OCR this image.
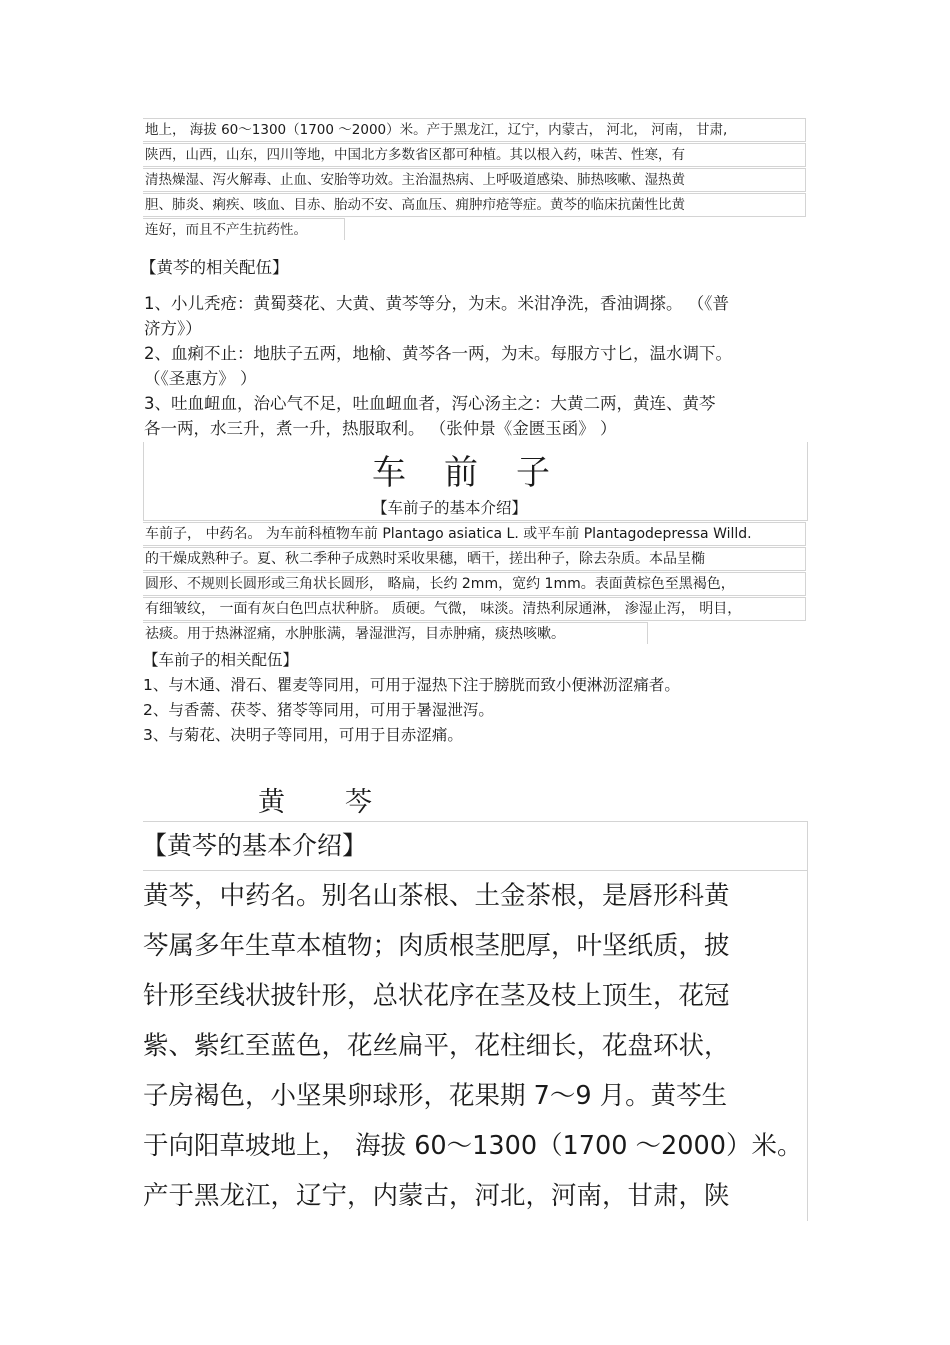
地上， 海拔 60～1300（1700 ～2000）米。产于黑龙江，辽宁，内蒙古， 河北， 河南， 甘肃,
陕西，山西，山东，四川等地，中国北方多数省区都可种植。其以根入药，味苦、性寒，有
清热燥湿、泻火解毒、止血、安胎等功效。主治温热病、上呼吸道感染、肺热咳嗽、湿热黄
胆、肺炎、痢疾、咳血、目赤、胎动不安、高血压、痈肿疖疮等症。黄芩的临床抗菌性比黄
连好，而且不产生抗药性。
【黄芩的相关配伍】
1、小儿秃疮：黄蜀葵花、大黄、黄芩等分，为末。米泔净洗，香油调搽。 （《普
济方》）
2、血痢不止：地肤子五两，地榆、黄芩各一两，为末。每服方寸匕，温水调下。
（《圣惠方》 ）
3、吐血衄血，治心气不足，吐血衄血者，泻心汤主之：大黄二两，黄连、黄芩
各一两，水三升，煮一升，热服取利。 （张仲景《金匮玉函》 ）
车前子
【车前子的基本介绍】
车前子， 中药名。 为车前科植物车前 Plantago asiatica L. 或平车前 Plantagodepressa Willd.
的干燥成熟种子。夏、秋二季种子成熟时采收果穗，晒干，搓出种子，除去杂质。本品呈椭
圆形、不规则长圆形或三角状长圆形， 略扁，长约 2mm，宽约 1mm。表面黄棕色至黑褐色，
有细皱纹， 一面有灰白色凹点状种脐。 质硬。气微， 味淡。清热利尿通淋， 渗湿止泻， 明目，
祛痰。用于热淋涩痛，水肿胀满，暑湿泄泻，目赤肿痛，痰热咳嗽。
【车前子的相关配伍】
1、与木通、滑石、瞿麦等同用，可用于湿热下注于膀胱而致小便淋沥涩痛者。
2、与香薷、茯苓、猪苓等同用，可用于暑湿泄泻。
3、与菊花、决明子等同用，可用于目赤涩痛。
黄芩
【黄芩的基本介绍】
黄芩，中药名。别名山茶根、土金茶根，是唇形科黄
芩属多年生草本植物；肉质根茎肥厚，叶坚纸质，披
针形至线状披针形，总状花序在茎及枝上顶生，花冠
紫、紫红至蓝色，花丝扁平，花柱细长，花盘环状，
子房褐色，小坚果卵球形，花果期 7～9 月。黄芩生
于向阳草坡地上， 海拔 60～1300（1700 ～2000）米。
产于黑龙江，辽宁，内蒙古，河北，河南，甘肃，陕
